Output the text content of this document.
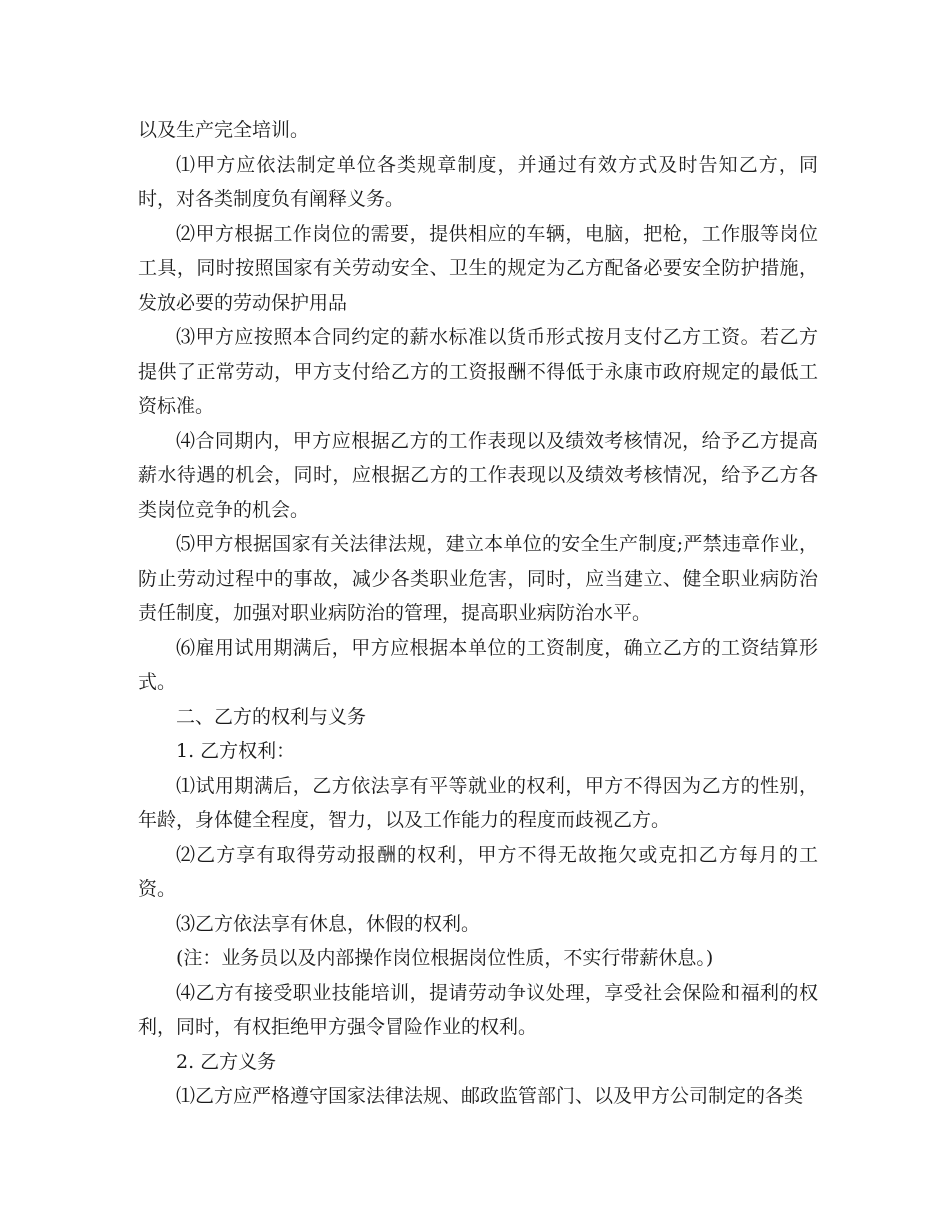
以及生产完全培训。

⑴甲方应依法制定单位各类规章制度，并通过有效方式及时告知乙方，同时，对各类制度负有阐释义务。

⑵甲方根据工作岗位的需要，提供相应的车辆，电脑，把枪，工作服等岗位工具，同时按照国家有关劳动安全、卫生的规定为乙方配备必要安全防护措施，发放必要的劳动保护用品

⑶甲方应按照本合同约定的薪水标准以货币形式按月支付乙方工资。若乙方提供了正常劳动，甲方支付给乙方的工资报酬不得低于永康市政府规定的最低工资标准。

⑷合同期内，甲方应根据乙方的工作表现以及绩效考核情况，给予乙方提高薪水待遇的机会，同时，应根据乙方的工作表现以及绩效考核情况，给予乙方各类岗位竞争的机会。

⑸甲方根据国家有关法律法规，建立本单位的安全生产制度;严禁违章作业，防止劳动过程中的事故，减少各类职业危害，同时，应当建立、健全职业病防治责任制度，加强对职业病防治的管理，提高职业病防治水平。

⑹雇用试用期满后，甲方应根据本单位的工资制度，确立乙方的工资结算形式。

二、乙方的权利与义务

1. 乙方权利：

⑴试用期满后，乙方依法享有平等就业的权利，甲方不得因为乙方的性别，年龄，身体健全程度，智力，以及工作能力的程度而歧视乙方。

⑵乙方享有取得劳动报酬的权利，甲方不得无故拖欠或克扣乙方每月的工资。

⑶乙方依法享有休息，休假的权利。

(注：业务员以及内部操作岗位根据岗位性质，不实行带薪休息。)

⑷乙方有接受职业技能培训，提请劳动争议处理，享受社会保险和福利的权利，同时，有权拒绝甲方强令冒险作业的权利。

2. 乙方义务

⑴乙方应严格遵守国家法律法规、邮政监管部门、以及甲方公司制定的各类
